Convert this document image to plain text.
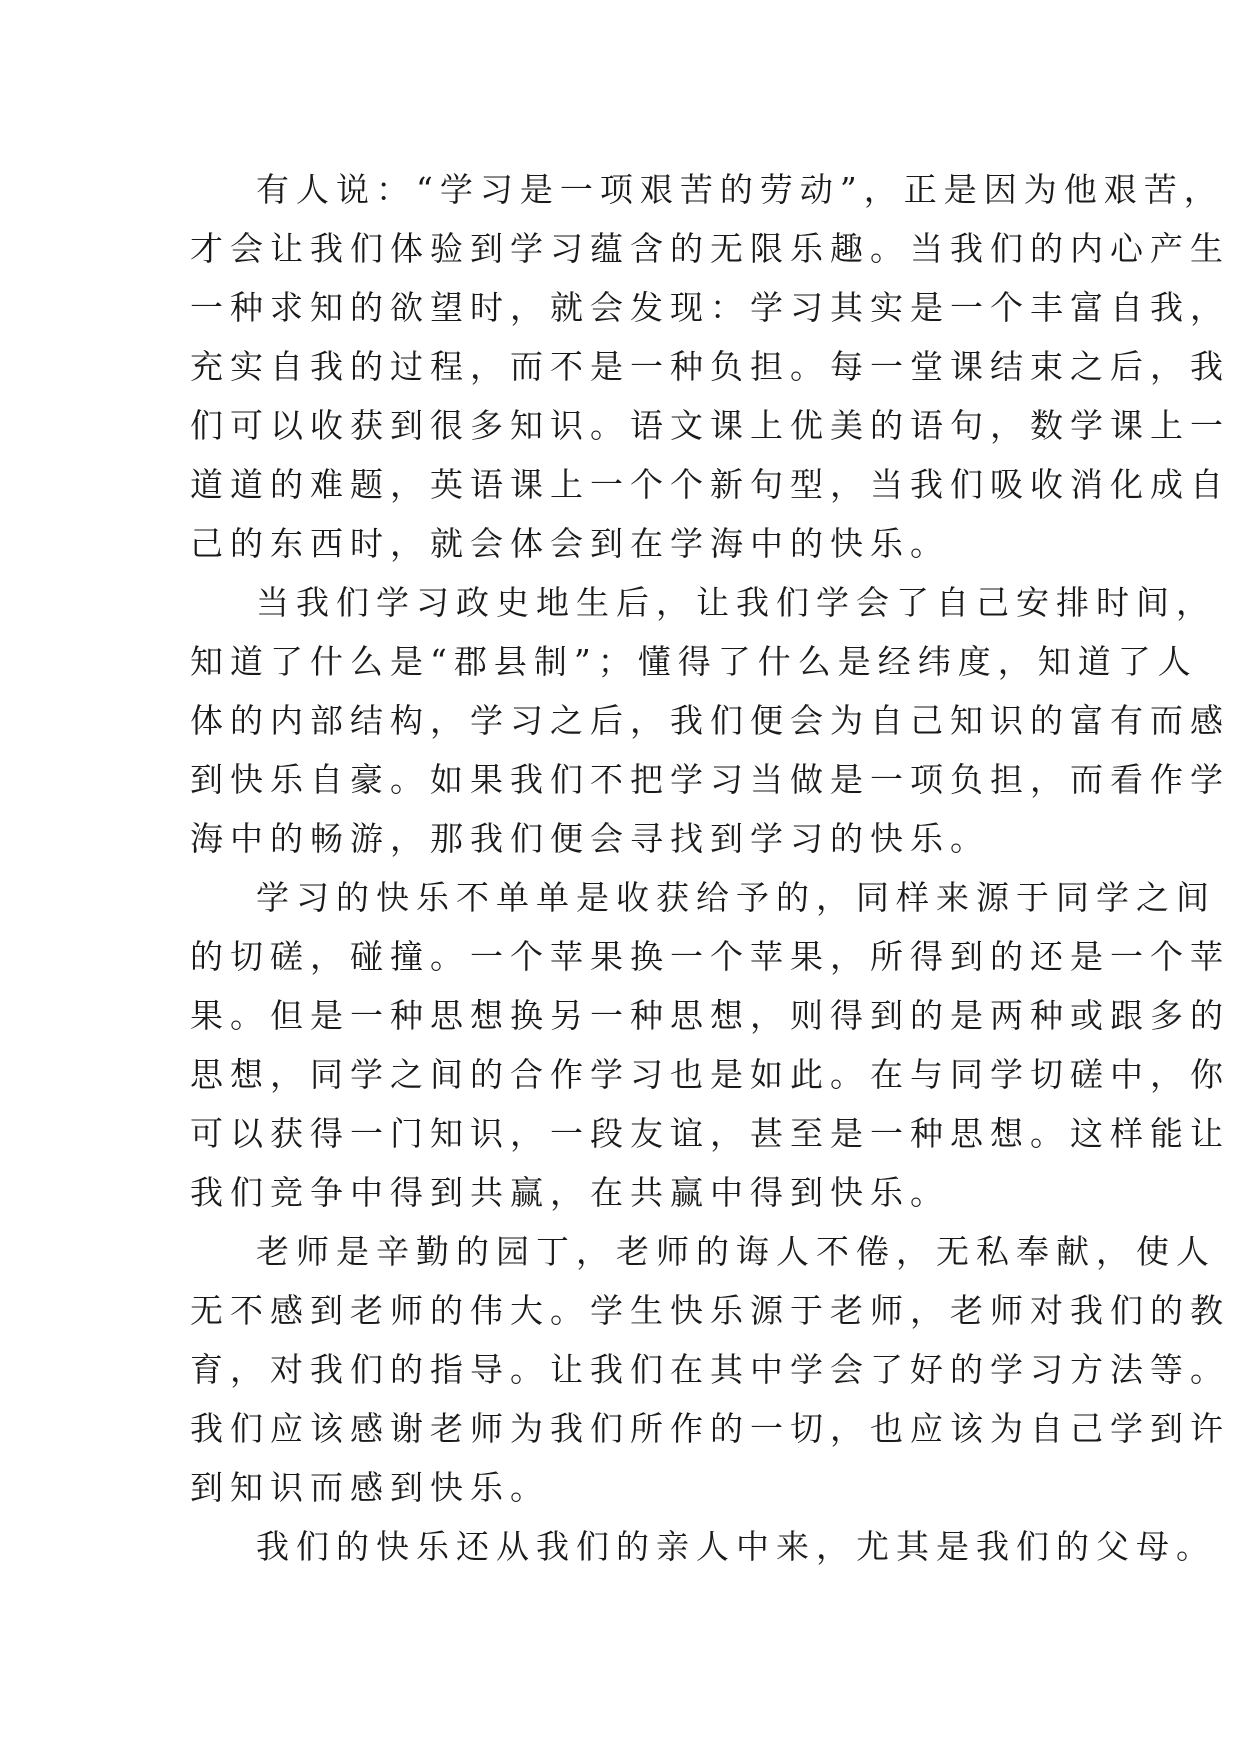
有人说：“学习是一项艰苦的劳动”，正是因为他艰苦，
才会让我们体验到学习蕴含的无限乐趣。当我们的内心产生
一种求知的欲望时，就会发现：学习其实是一个丰富自我，
充实自我的过程，而不是一种负担。每一堂课结束之后，我
们可以收获到很多知识。语文课上优美的语句，数学课上一
道道的难题，英语课上一个个新句型，当我们吸收消化成自
己的东西时，就会体会到在学海中的快乐。
当我们学习政史地生后，让我们学会了自己安排时间，
知道了什么是“郡县制”；懂得了什么是经纬度，知道了人
体的内部结构，学习之后，我们便会为自己知识的富有而感
到快乐自豪。如果我们不把学习当做是一项负担，而看作学
海中的畅游，那我们便会寻找到学习的快乐。
学习的快乐不单单是收获给予的，同样来源于同学之间
的切磋，碰撞。一个苹果换一个苹果，所得到的还是一个苹
果。但是一种思想换另一种思想，则得到的是两种或跟多的
思想，同学之间的合作学习也是如此。在与同学切磋中，你
可以获得一门知识，一段友谊，甚至是一种思想。这样能让
我们竞争中得到共赢，在共赢中得到快乐。
老师是辛勤的园丁，老师的诲人不倦，无私奉献，使人
无不感到老师的伟大。学生快乐源于老师，老师对我们的教
育，对我们的指导。让我们在其中学会了好的学习方法等。
我们应该感谢老师为我们所作的一切，也应该为自己学到许
到知识而感到快乐。
我们的快乐还从我们的亲人中来，尤其是我们的父母。
